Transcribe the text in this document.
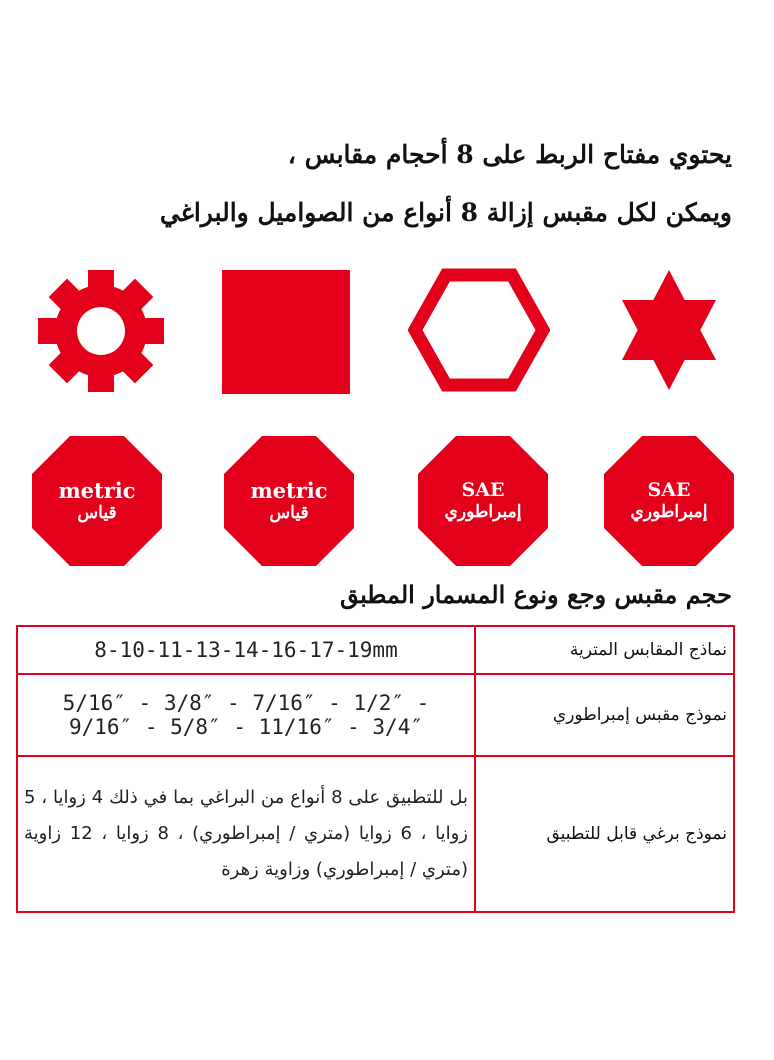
يحتوي مفتاح الربط على 8 أحجام مقابس ،
ويمكن لكل مقبس إزالة 8 أنواع من الصواميل والبراغي
metric
قياس
metric
قياس
SAE
إمبراطوري
SAE
إمبراطوري
حجم مقبس وجع ونوع المسمار المطبق
8-10-11-13-14-16-17-19mm	نماذج المقابس المترية

5/16″ - 3/8″ - 7/16″ - 1/2″ -
9/16″ - 5/8″ - 11/16″ - 3/4″	نموذج مقبس إمبراطوري
بل للتطبيق على 8 أنواع من البراغي بما في ذلك 4 زوايا ، 5 زوايا ، 6 زوايا (متري / إمبراطوري) ، 8 زوايا ، 12 زاوية (متري / إمبراطوري) وزاوية زهرة	نموذج برغي قابل للتطبيق
